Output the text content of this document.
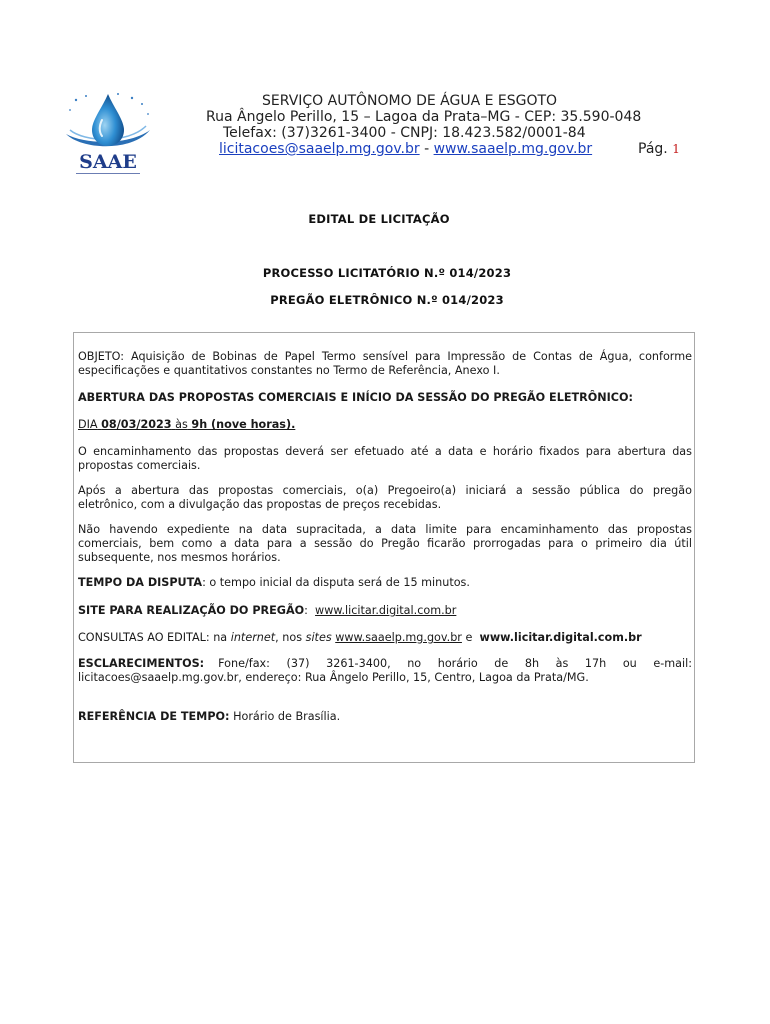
SAAE
SERVIÇO AUTÔNOMO DE ÁGUA E ESGOTO
Rua Ângelo Perillo, 15 – Lagoa da Prata–MG - CEP: 35.590-048
Telefax: (37)3261-3400 - CNPJ: 18.423.582/0001-84
licitacoes@saaelp.mg.gov.br - www.saaelp.mg.gov.br	Pág. 1
EDITAL DE LICITAÇÃO
PROCESSO LICITATÓRIO N.º 014/2023
PREGÃO ELETRÔNICO N.º 014/2023
OBJETO: Aquisição de Bobinas de Papel Termo sensível para Impressão de Contas de Água, conforme
especificações e quantitativos constantes no Termo de Referência, Anexo I.
ABERTURA DAS PROPOSTAS COMERCIAIS E INÍCIO DA SESSÃO DO PREGÃO ELETRÔNICO:
DIA 08/03/2023 às 9h (nove horas).
O encaminhamento das propostas deverá ser efetuado até a data e horário fixados para abertura das
propostas comerciais.
Após a abertura das propostas comerciais, o(a) Pregoeiro(a) iniciará a sessão pública do pregão
eletrônico, com a divulgação das propostas de preços recebidas.
Não havendo expediente na data supracitada, a data limite para encaminhamento das propostas
comerciais, bem como a data para a sessão do Pregão ficarão prorrogadas para o primeiro dia útil
subsequente, nos mesmos horários.
TEMPO DA DISPUTA: o tempo inicial da disputa será de 15 minutos.
SITE PARA REALIZAÇÃO DO PREGÃO: www.licitar.digital.com.br
CONSULTAS AO EDITAL: na internet, nos sites www.saaelp.mg.gov.br e www.licitar.digital.com.br
ESCLARECIMENTOS: Fone/fax: (37) 3261-3400, no horário de 8h às 17h ou e-mail:
licitacoes@saaelp.mg.gov.br, endereço: Rua Ângelo Perillo, 15, Centro, Lagoa da Prata/MG.
REFERÊNCIA DE TEMPO: Horário de Brasília.
